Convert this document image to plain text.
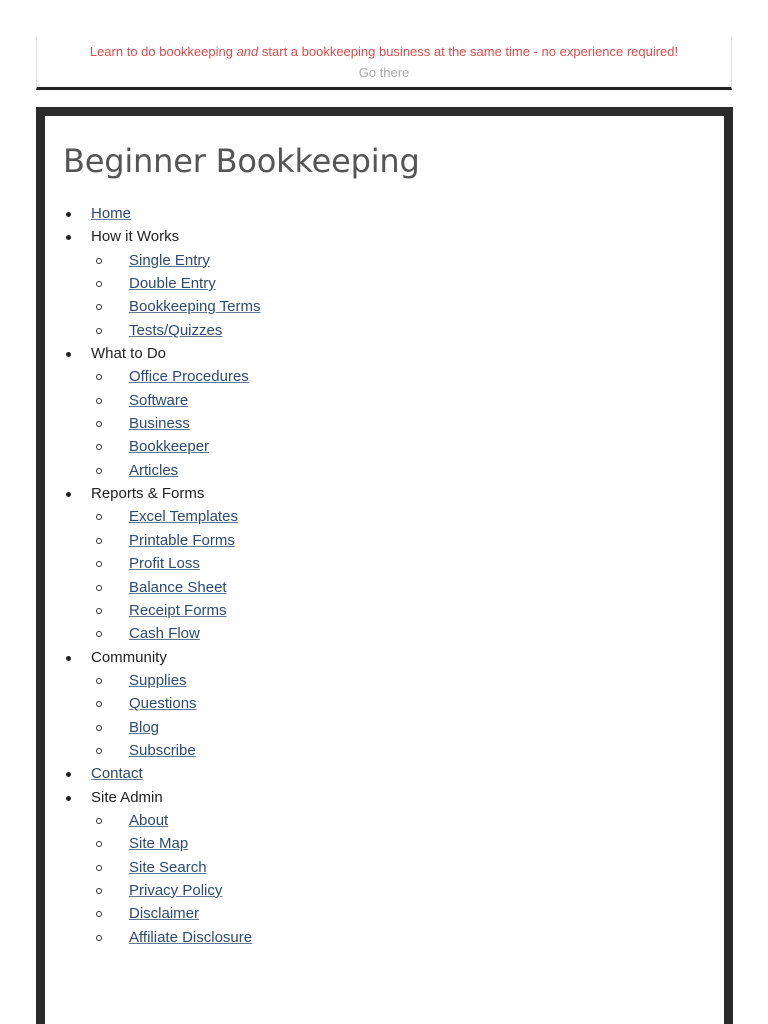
Learn to do bookkeeping and start a bookkeeping business at the same time - no experience required!
Go there
Beginner Bookkeeping
Home
How it Works
Single Entry
Double Entry
Bookkeeping Terms
Tests/Quizzes
What to Do
Office Procedures
Software
Business
Bookkeeper
Articles
Reports & Forms
Excel Templates
Printable Forms
Profit Loss
Balance Sheet
Receipt Forms
Cash Flow
Community
Supplies
Questions
Blog
Subscribe
Contact
Site Admin
About
Site Map
Site Search
Privacy Policy
Disclaimer
Affiliate Disclosure
